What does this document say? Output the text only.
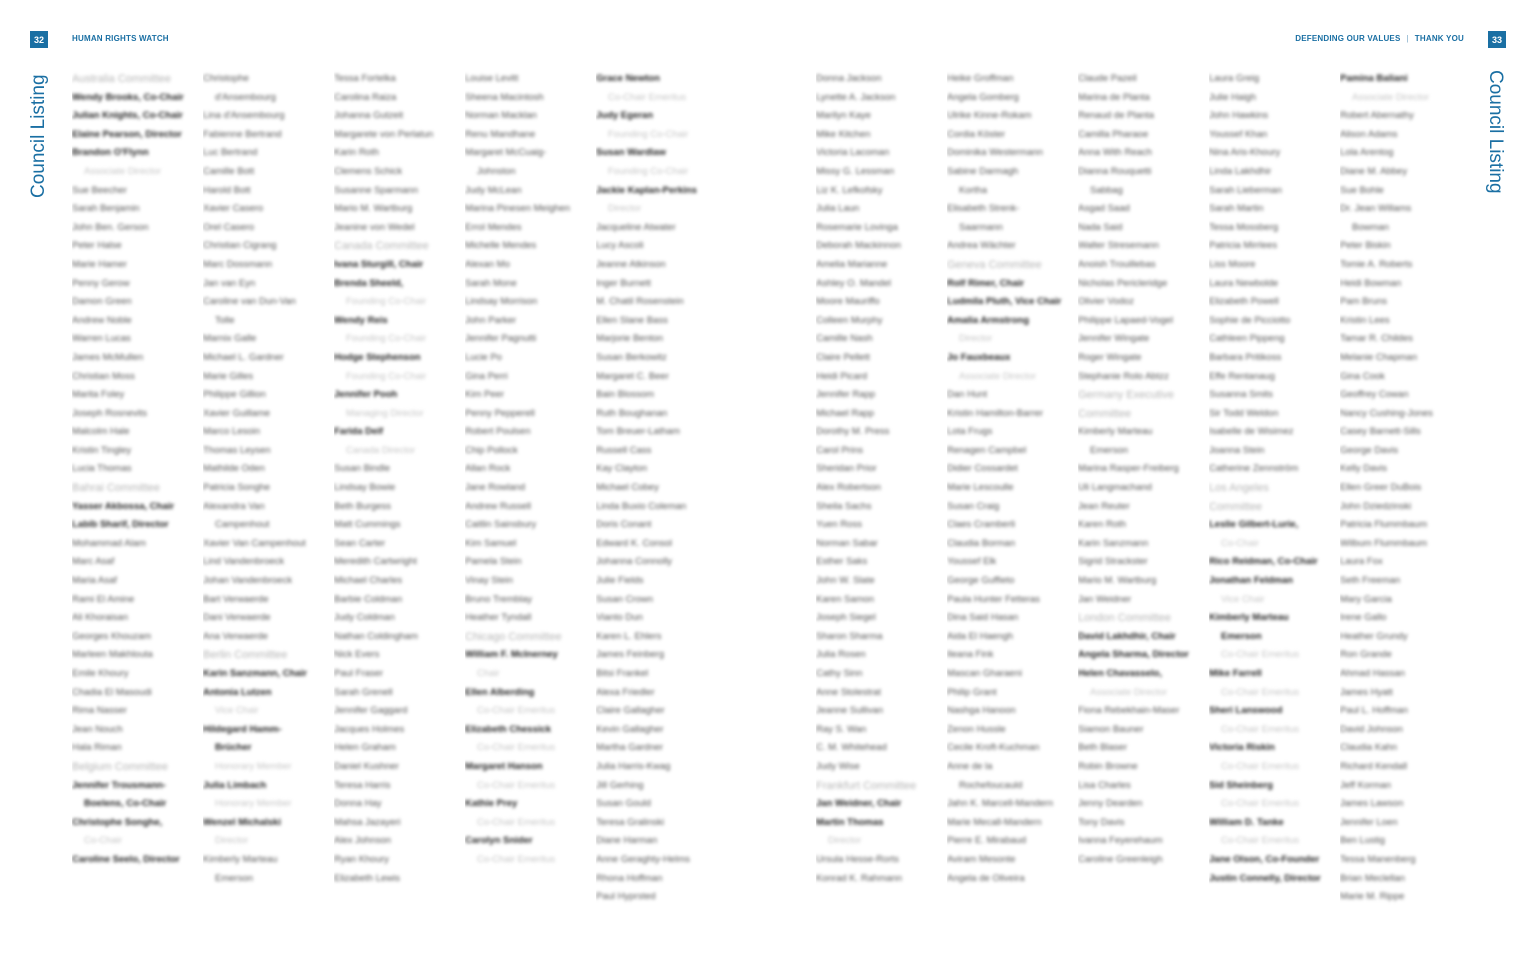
32	HUMAN RIGHTS WATCH
Council Listing Australia Committee
Wendy Brooks, Co-Chair
Julian Knights, Co-Chair
Elaine Pearson, Director
Brandon O'Flynn
Associate Director
Sue Beecher
Sarah Benjamin
John Ben. Gerson
Peter Halse
Marie Hamer
Penny Gerow
Damon Green
Andrew Noble
Warren Lucas
James McMullen
Christian Moss
Marita Foley
Joseph Rosnevits
Malcolm Hale
Kristin Tingley
Lucia Thomas
Bahrai Committee
Yasser Akbossa, Chair
Labib Sharif, Director
Mohammad Alam
Marc Asaf
Maria Asaf
Rami El Amine
Ali Khoraisan
Georges Khouzam
Marleen Makhlouta
Emile Khoury
Chadia El Masoudi
Rima Nasser
Jean Nouch
Hala Riman
Belgium Committee
Jennifer Trousmann-
Boelens, Co-Chair
Christophe Songhe,
Co-Chair
Caroline Seelo, Director
Christophe
d'Ansembourg
Lina d'Ansembourg
Fabienne Bertrand
Luc Bertrand
Camille Bott
Harold Bott
Xavier Casero
Orel Casero
Christian Cigrang
Marc Dossmann
Jan van Eyn
Caroline van Dun-Van
Tolle
Marnix Galle
Michael L. Gardner
Marie Gilles
Philippe Gillion
Xavier Guillame
Marco Lesoin
Thomas Leysen
Mathilde Oden
Patricia Songhe
Alexandra Van
Campenhout
Xavier Van Campenhout
Lind Vandenbroeck
Johan Vandenbroeck
Bart Verwaerde
Dani Verwaerde
Ana Verwaerde
Berlin Committee
Karin Sanzmann, Chair
Antonia Lutzen
Vice Chair
Hildegard Hamm-
Brücher
Honorary Member
Julia Limbach
Honorary Member
Wenzel Michalski
Director
Kimberly Marteau
Emerson
Tessa Fortelka
Carolina Raiza
Johanna Gutzeit
Margarete von Perlatun
Karin Roth
Clemens Schick
Susanne Sparmann
Mario M. Wartburg
Jeanine von Wedel
Canada Committee
Ivana Sturgill, Chair
Brenda Sheeld,
Founding Co-Chair
Wendy Reis
Founding Co-Chair
Hodge Stephenson
Founding Co-Chair
Jennifer Pooh
Managing Director
Farida Deif
Canada Director
Susan Bindle
Lindsay Bowie
Beth Burgess
Matt Cummings
Sean Carter
Meredith Cartwright
Michael Charles
Barbie Coldman
Judy Coldman
Nathan Coldingham
Nick Evers
Paul Fraser
Sarah Grenell
Jennifer Gaggard
Jacques Holmes
Helen Graham
Daniel Kushner
Teresa Harris
Donna Hay
Mahsa Jazayeri
Alex Johnson
Ryan Khoury
Elizabeth Lewis
Louise Levitt
Sheena Macintosh
Norman Macklan
Renu Mandhane
Margaret McCuaig-
Johnston
Judy McLean
Marina Pinesen Meighen
Errol Mendes
Michelle Mendes
Alexan Mo
Sarah Mone
Lindsay Morrison
John Parker
Jennifer Pagnutti
Lucie Po
Gina Perri
Kim Peer
Penny Pepperell
Robert Poulsen
Chip Pollock
Allan Rock
Jane Rowland
Andrew Russell
Caitlin Sainsbury
Kim Samuel
Pamela Stein
Vinay Stein
Bruno Tremblay
Heather Tyndall
Chicago Committee
William F. McInerney
Chair
Ellen Alberding
Co-Chair Emeritus
Elizabeth Chessick
Co-Chair Emeritus
Margaret Hanson
Co-Chair Emeritus
Kathie Prey
Co-Chair Emeritus
Carolyn Snider
Co-Chair Emeritus
Grace Newton
Co-Chair Emeritus
Judy Egeran
Founding Co-Chair
Susan Wardlaw
Founding Co-Chair
Jackie Kaplan-Perkins
Director
Jacqueline Atwater
Lucy Ascoli
Jeanne Atkinson
Inger Burnett
M. Chatil Rosenstein
Ellen Slane Bass
Marjorie Benton
Susan Berkowitz
Margaret C. Beer
Bain Blossom
Ruth Boughanan
Tom Breuer-Latham
Russell Cass
Kay Clayton
Michael Cobey
Linda Buxio Coleman
Doris Conant
Edward K. Consol
Johanna Connolly
Julie Fields
Susan Crown
Vianto Dun
Karen L. Ehlers
James Feinberg
Bitsi Frankel
Alexa Friedler
Claire Gallagher
Kevin Gallagher
Martha Gardner
Julia Harris-Kwag
Jill Gerhing
Susan Gould
Teresa Gralinski
Diane Harman
Anne Geraghty-Helms
Rhona Hoffman
Paul Hyprsted
DEFENDING OUR VALUES | THANK YOU	33
Council Listing
Donna Jackson
Lynette A. Jackson
Marilyn Kaye
Mike Kitchen
Victoria Lacoman
Missy G. Lessman
Liz K. Lefkofsky
Julia Laun
Rosemarie Lovinga
Deborah Mackinnon
Amelia Marianne
Ashley O. Mandel
Moore Mauriffo
Colleen Murphy
Camille Nash
Claire Pellett
Heidi Picard
Jennifer Rapp
Michael Rapp
Dorothy M. Press
Carol Prins
Sheridan Prior
Alex Robertson
Sheila Sachs
Yuen Ross
Norman Sabar
Esther Saks
John W. Slate
Karen Samon
Joseph Siegel
Sharon Sharma
Julia Rosen
Cathy Sinn
Anne Stolestrat
Jeanne Sullivan
Ray S. Wan
C. M. Whitehead
Judy Wise
Frankfurt Committee
Jan Weidner, Chair
Martin Thomas
Director
Ursula Hesse-Rorts
Konrad K. Rahmann
Heike Groffman
Angela Gomberg
Ulrike Kinne-Rokam
Cordia Köster
Dominika Westermann
Sabine Darmagh
Kortha
Elisabeth Strenk-
Saarmann
Andrea Wächter
Geneva Committee
Rolf Rimer, Chair
Ludmila Pluth, Vice Chair
Amalia Armstrong
Director
Jo Fauxbeaux
Associate Director
Dan Hunt
Kristin Hamilton-Barrer
Lota Frugs
Renagen Campbel
Didier Cossardet
Marie Lescoulle
Susan Craig
Claes Cramberli
Claudia Borman
Youssef Elk
George Guffieto
Paula Hunter Fetteras
Dina Said Hasan
Aida El Haengh
Ileana Fink
Mascan Gharaeni
Philip Grant
Nashga Hanoon
Zenon Hussle
Cecile Kroft-Kuchman
Anne de la
Rochefoucauld
Jahn K. Marcell-Mandern
Marie Mecall-Mandern
Pierre E. Mirabaud
Aviram Mesonte
Angela de Oliveira
Claude Pazeil
Marina de Planta
Renaud de Planta
Camilla Pharaoe
Anna With Reach
Dianna Rouquetti
Sabbag
Asgad Saad
Nada Said
Walter Stresemann
Anoish Trouillebas
Nicholas Pericleridge
Olivier Vodoz
Philippe Lapaed-Vogel
Jennifer Wingate
Roger Wingate
Stephanie Rolo Abtzz
Germany Executive
Committee
Kimberly Marteau
Emerson
Marina Rasper-Freiberg
Uli Langmachand
Jean Reuter
Karen Roth
Karin Sanzmann
Sigrid Strackster
Mario M. Wartburg
Jan Weidner
London Committee
David Lakhdhir, Chair
Angela Sharma, Director
Helen Chavasselo,
Associate Director
Fiona Rebekhain-Maser
Siamon Bauner
Beth Blaser
Robin Browne
Lisa Charles
Jenny Dearden
Tony Davis
Ivanna Feyerehaum
Caroline Greenleigh
Laura Greig
Julie Haigh
John Hawkins
Youssef Khan
Nina Aris-Khoury
Linda Lakhdhir
Sarah Lieberman
Sarah Martin
Tessa Mossberg
Patricia Mirrlees
Liss Moore
Laura Newbolde
Elizabeth Powell
Sophie de Picciotto
Cathleen Pippeng
Barbara Pritikoss
Effe Rentanaug
Susanna Smits
Sir Todd Weldon
Isabelle de Wisimez
Joanna Stein
Catherine Zennström
Los Angeles
Committee
Leslie Gilbert-Lurie,
Co-Chair
Rico Reidman, Co-Chair
Jonathan Feldman
Vice Chair
Kimberly Marteau
Emerson
Co-Chair Emeritus
Mike Farrell
Co-Chair Emeritus
Sheri Lanswood
Co-Chair Emeritus
Victoria Riskin
Co-Chair Emeritus
Sid Sheinberg
Co-Chair Emeritus
William D. Tanke
Co-Chair Emeritus
Jane Olson, Co-Founder
Justin Connelly, Director
Pamina Baliani
Associate Director
Robert Abernathy
Alison Adams
Lola Arentog
Diane M. Abbey
Sue Bohle
Dr. Jean Willams
Bowman
Peter Biskin
Tomie A. Roberts
Heidi Bowman
Pam Bruns
Kristin Lees
Tamar R. Childes
Melanie Chapman
Gina Cook
Geoffrey Cowan
Nancy Cushing-Jones
Casey Barnett-Sills
George Davis
Kelly Davis
Ellen Greer DuBois
John Dziedzinski
Patricia Flummbaum
Wilbum Flummbaum
Laura Fox
Seth Freeman
Mary Garcia
Irene Gallo
Heather Grundy
Ron Grande
Ahmad Hassan
James Hyatt
Paul L. Hoffman
David Johnson
Claudia Kahn
Richard Kendall
Jeff Korman
James Lawson
Jennifer Loen
Ben Lustig
Tessa Manenberg
Brian Meclellan
Marie M. Rippe
